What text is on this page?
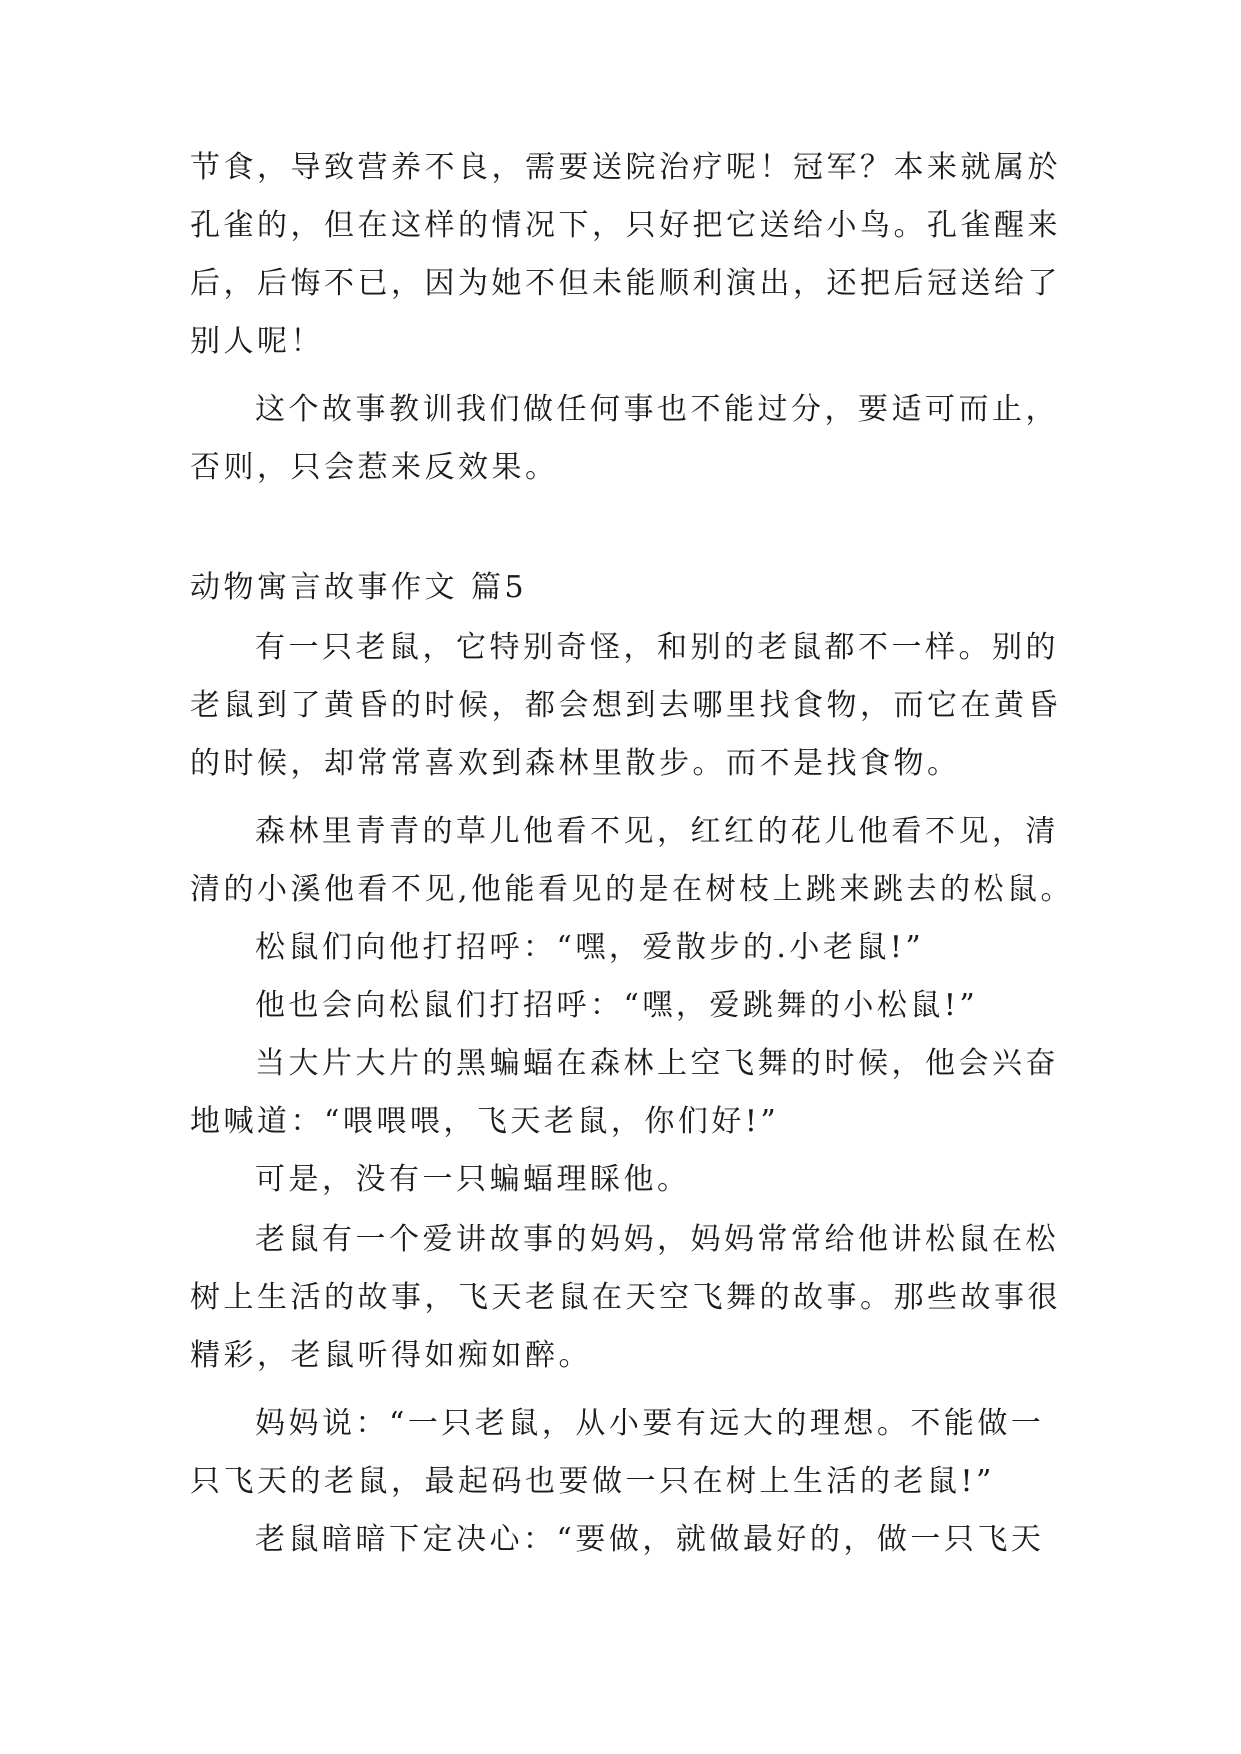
节食，导致营养不良，需要送院治疗呢！冠军？本来就属於

孔雀的，但在这样的情况下，只好把它送给小鸟。孔雀醒来

后，后悔不已，因为她不但未能顺利演出，还把后冠送给了

别人呢！

这个故事教训我们做任何事也不能过分，要适可而止，

否则，只会惹来反效果。

动物寓言故事作文 篇5

有一只老鼠，它特别奇怪，和别的老鼠都不一样。别的

老鼠到了黄昏的时候，都会想到去哪里找食物，而它在黄昏

的时候，却常常喜欢到森林里散步。而不是找食物。

森林里青青的草儿他看不见，红红的花儿他看不见，清

清的小溪他看不见,他能看见的是在树枝上跳来跳去的松鼠。

松鼠们向他打招呼：“嘿，爱散步的.小老鼠!”

他也会向松鼠们打招呼：“嘿，爱跳舞的小松鼠!”

当大片大片的黑蝙蝠在森林上空飞舞的时候，他会兴奋

地喊道：“喂喂喂，飞天老鼠，你们好!”

可是，没有一只蝙蝠理睬他。

老鼠有一个爱讲故事的妈妈，妈妈常常给他讲松鼠在松

树上生活的故事，飞天老鼠在天空飞舞的故事。那些故事很

精彩，老鼠听得如痴如醉。

妈妈说：“一只老鼠，从小要有远大的理想。不能做一

只飞天的老鼠，最起码也要做一只在树上生活的老鼠!”

老鼠暗暗下定决心：“要做，就做最好的，做一只飞天
